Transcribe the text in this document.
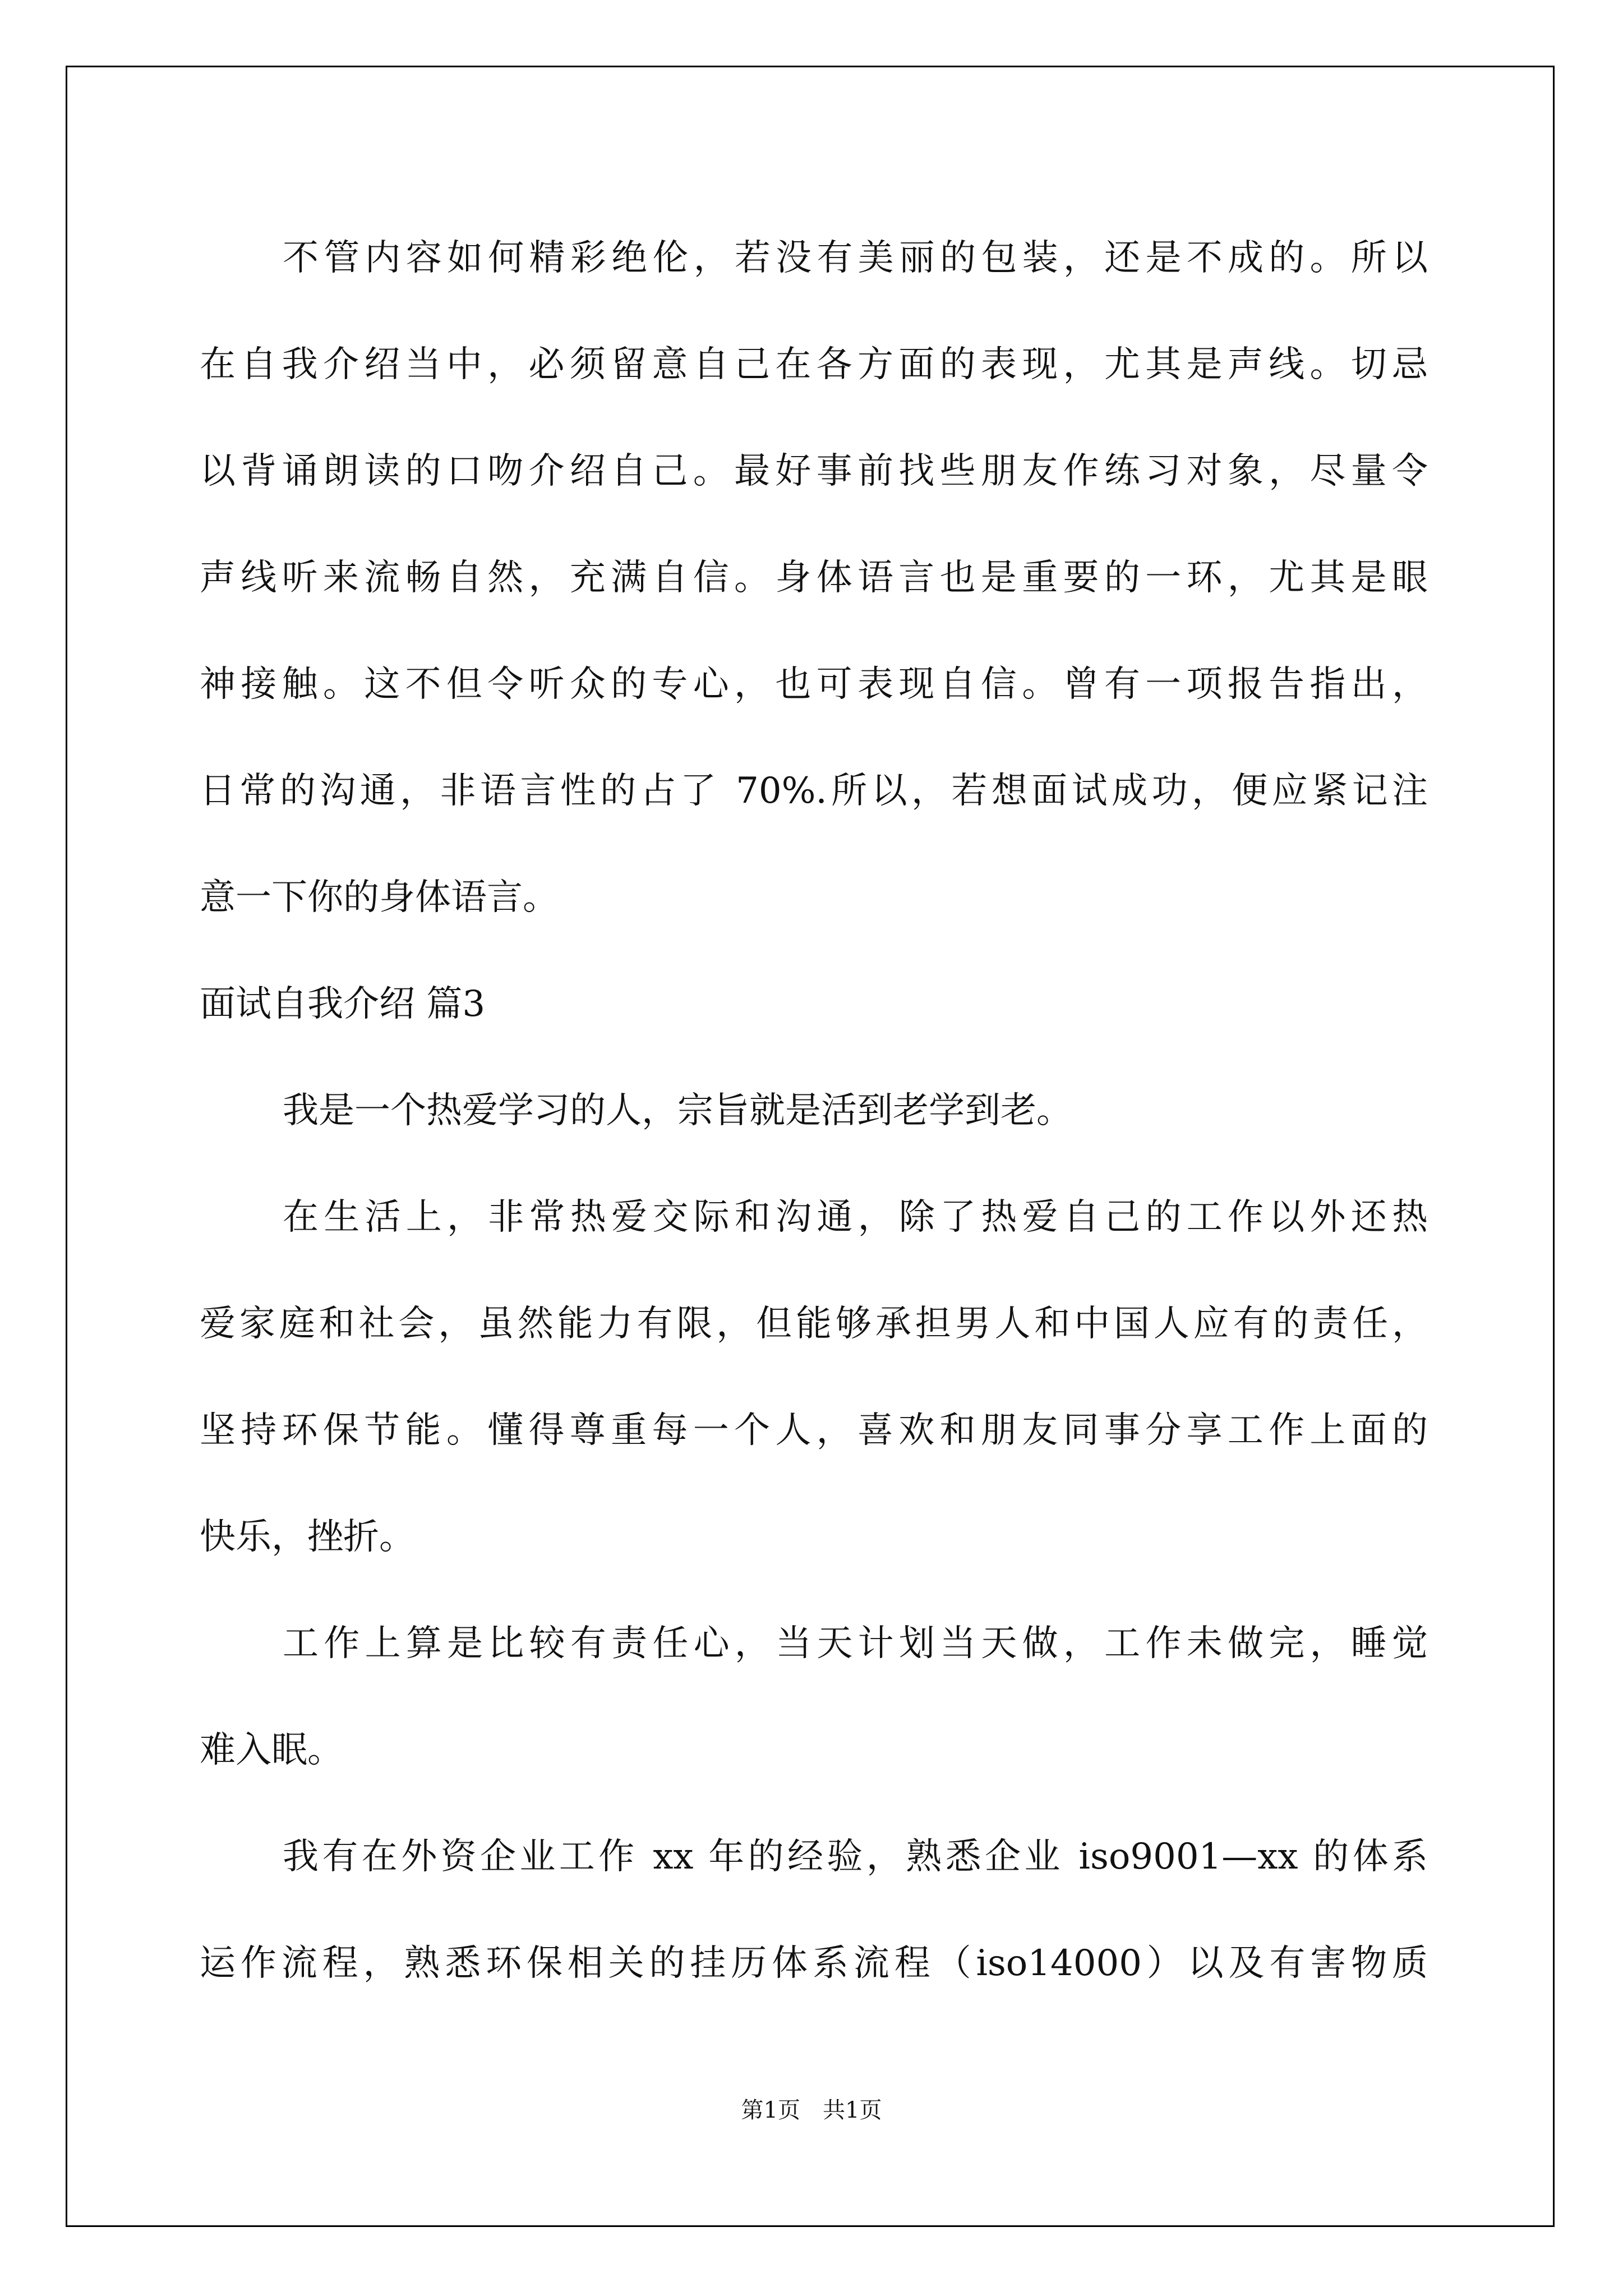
不管内容如何精彩绝伦，若没有美丽的包装，还是不成的。所以
在自我介绍当中，必须留意自己在各方面的表现，尤其是声线。切忌
以背诵朗读的口吻介绍自己。最好事前找些朋友作练习对象，尽量令
声线听来流畅自然，充满自信。身体语言也是重要的一环，尤其是眼
神接触。这不但令听众的专心，也可表现自信。曾有一项报告指出，
日常的沟通，非语言性的占了 70%.所以，若想面试成功，便应紧记注
意一下你的身体语言。
面试自我介绍 篇3
我是一个热爱学习的人，宗旨就是活到老学到老。
在生活上，非常热爱交际和沟通，除了热爱自己的工作以外还热
爱家庭和社会，虽然能力有限，但能够承担男人和中国人应有的责任，
坚持环保节能。懂得尊重每一个人，喜欢和朋友同事分享工作上面的
快乐，挫折。
工作上算是比较有责任心，当天计划当天做，工作未做完，睡觉
难入眠。
我有在外资企业工作 xx 年的经验，熟悉企业 iso9001—xx 的体系
运作流程，熟悉环保相关的挂历体系流程（iso14000）以及有害物质
第1页　共1页
